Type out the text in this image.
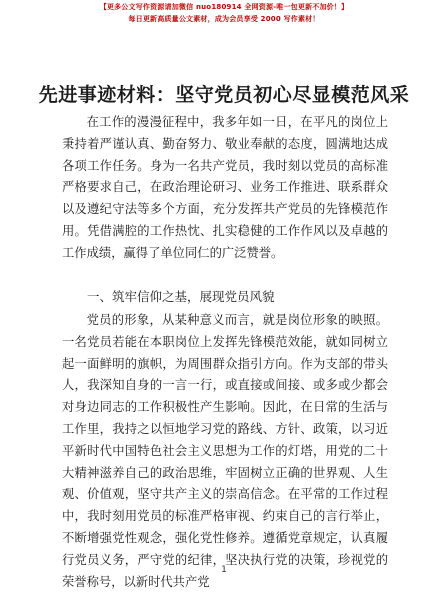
【更多公文写作资源请加微信 nuo180914 全网资源-唯一包更新不加价！】
每日更新高质量公文素材，成为会员享受 2000 写作素材！
先进事迹材料：坚守党员初心尽显模范风采

在工作的漫漫征程中，我多年如一日，在平凡的岗位上秉持着严谨认真、勤奋努力、敬业奉献的态度，圆满地达成各项工作任务。身为一名共产党员，我时刻以党员的高标准严格要求自己，在政治理论研习、业务工作推进、联系群众以及遵纪守法等多个方面，充分发挥共产党员的先锋模范作用。凭借满腔的工作热忱、扎实稳健的工作作风以及卓越的工作成绩，赢得了单位同仁的广泛赞誉。

一、筑牢信仰之基，展现党员风貌

党员的形象，从某种意义而言，就是岗位形象的映照。一名党员若能在本职岗位上发挥先锋模范效能，就如同树立起一面鲜明的旗帜，为周围群众指引方向。作为支部的带头人，我深知自身的一言一行，或直接或间接、或多或少都会对身边同志的工作积极性产生影响。因此，在日常的生活与工作里，我持之以恒地学习党的路线、方针、政策，以习近平新时代中国特色社会主义思想为工作的灯塔，用党的二十大精神滋养自己的政治思维，牢固树立正确的世界观、人生观、价值观，坚守共产主义的崇高信念。在平常的工作过程中，我时刻用党员的标准严格审视、约束自己的言行举止，不断增强党性观念，强化党性修养。遵循党章规定，认真履行党员义务，严守党的纪律，坚决执行党的决策，珍视党的荣誉称号，以新时代共产党

1
